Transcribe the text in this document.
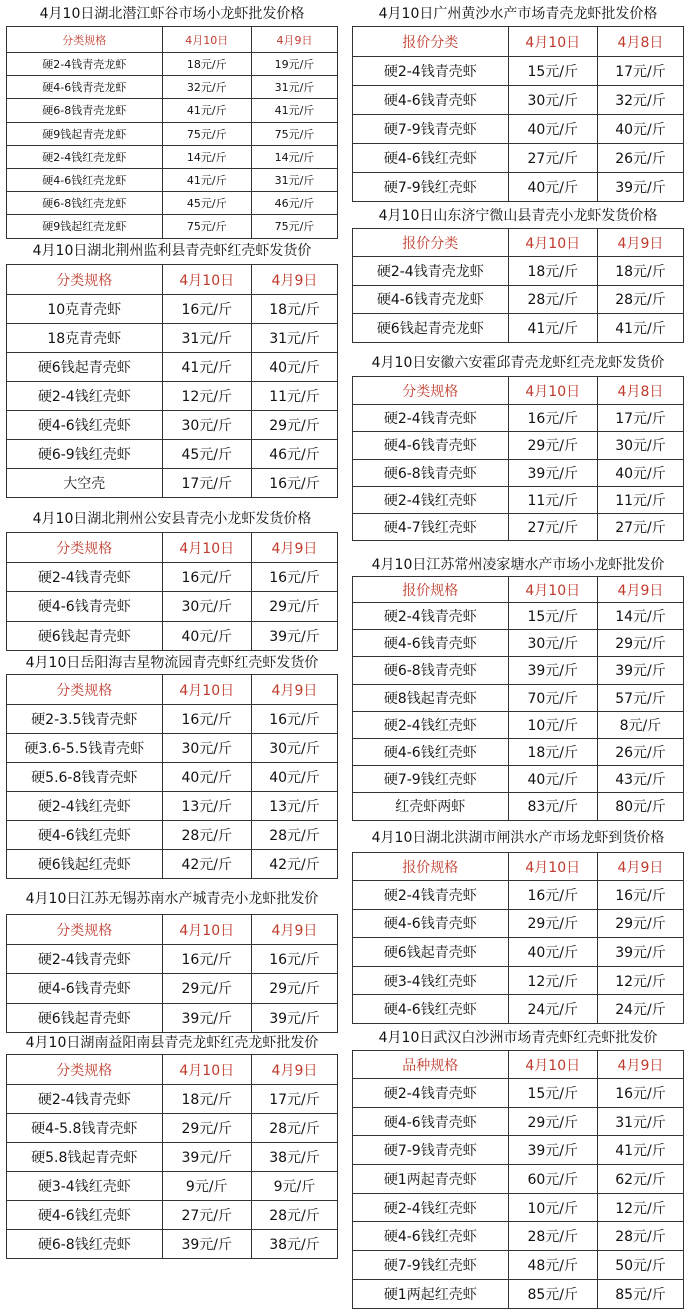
4月10日湖北潜江虾谷市场小龙虾批发价格
分类规格	4月10日	4月9日
硬2-4钱青壳龙虾	18元/斤	19元/斤
硬4-6钱青壳龙虾	32元/斤	31元/斤
硬6-8钱青壳龙虾	41元/斤	41元/斤
硬9钱起青壳龙虾	75元/斤	75元/斤
硬2-4钱红壳龙虾	14元/斤	14元/斤
硬4-6钱红壳龙虾	41元/斤	31元/斤
硬6-8钱红壳龙虾	45元/斤	46元/斤
硬9钱起红壳龙虾	75元/斤	75元/斤
4月10日湖北荆州监利县青壳虾红壳虾发货价
分类规格	4月10日	4月9日
10克青壳虾	16元/斤	18元/斤
18克青壳虾	31元/斤	31元/斤
硬6钱起青壳虾	41元/斤	40元/斤
硬2-4钱红壳虾	12元/斤	11元/斤
硬4-6钱红壳虾	30元/斤	29元/斤
硬6-9钱红壳虾	45元/斤	46元/斤
大空壳	17元/斤	16元/斤
4月10日湖北荆州公安县青壳小龙虾发货价格
分类规格	4月10日	4月9日
硬2-4钱青壳虾	16元/斤	16元/斤
硬4-6钱青壳虾	30元/斤	29元/斤
硬6钱起青壳虾	40元/斤	39元/斤
4月10日岳阳海吉星物流园青壳虾红壳虾发货价
分类规格	4月10日	4月9日
硬2-3.5钱青壳虾	16元/斤	16元/斤
硬3.6-5.5钱青壳虾	30元/斤	30元/斤
硬5.6-8钱青壳虾	40元/斤	40元/斤
硬2-4钱红壳虾	13元/斤	13元/斤
硬4-6钱红壳虾	28元/斤	28元/斤
硬6钱起红壳虾	42元/斤	42元/斤
4月10日江苏无锡苏南水产城青壳小龙虾批发价
分类规格	4月10日	4月9日
硬2-4钱青壳虾	16元/斤	16元/斤
硬4-6钱青壳虾	29元/斤	29元/斤
硬6钱起青壳虾	39元/斤	39元/斤
4月10日湖南益阳南县青壳龙虾红壳龙虾批发价
分类规格	4月10日	4月9日
硬2-4钱青壳虾	18元/斤	17元/斤
硬4-5.8钱青壳虾	29元/斤	28元/斤
硬5.8钱起青壳虾	39元/斤	38元/斤
硬3-4钱红壳虾	9元/斤	9元/斤
硬4-6钱红壳虾	27元/斤	28元/斤
硬6-8钱红壳虾	39元/斤	38元/斤
4月10日广州黄沙水产市场青壳龙虾批发价格
报价分类	4月10日	4月8日
硬2-4钱青壳虾	15元/斤	17元/斤
硬4-6钱青壳虾	30元/斤	32元/斤
硬7-9钱青壳虾	40元/斤	40元/斤
硬4-6钱红壳虾	27元/斤	26元/斤
硬7-9钱红壳虾	40元/斤	39元/斤
4月10日山东济宁微山县青壳小龙虾发货价格
报价分类	4月10日	4月9日
硬2-4钱青壳龙虾	18元/斤	18元/斤
硬4-6钱青壳龙虾	28元/斤	28元/斤
硬6钱起青壳龙虾	41元/斤	41元/斤
4月10日安徽六安霍邱青壳龙虾红壳龙虾发货价
分类规格	4月10日	4月8日
硬2-4钱青壳虾	16元/斤	17元/斤
硬4-6钱青壳虾	29元/斤	30元/斤
硬6-8钱青壳虾	39元/斤	40元/斤
硬2-4钱红壳虾	11元/斤	11元/斤
硬4-7钱红壳虾	27元/斤	27元/斤
4月10日江苏常州凌家塘水产市场小龙虾批发价
报价规格	4月10日	4月9日
硬2-4钱青壳虾	15元/斤	14元/斤
硬4-6钱青壳虾	30元/斤	29元/斤
硬6-8钱青壳虾	39元/斤	39元/斤
硬8钱起青壳虾	70元/斤	57元/斤
硬2-4钱红壳虾	10元/斤	8元/斤
硬4-6钱红壳虾	18元/斤	26元/斤
硬7-9钱红壳虾	40元/斤	43元/斤
红壳虾两虾	83元/斤	80元/斤
4月10日湖北洪湖市闸洪水产市场龙虾到货价格
报价规格	4月10日	4月9日
硬2-4钱青壳虾	16元/斤	16元/斤
硬4-6钱青壳虾	29元/斤	29元/斤
硬6钱起青壳虾	40元/斤	39元/斤
硬3-4钱红壳虾	12元/斤	12元/斤
硬4-6钱红壳虾	24元/斤	24元/斤
4月10日武汉白沙洲市场青壳虾红壳虾批发价
品种规格	4月10日	4月9日
硬2-4钱青壳虾	15元/斤	16元/斤
硬4-6钱青壳虾	29元/斤	31元/斤
硬7-9钱青壳虾	39元/斤	41元/斤
硬1两起青壳虾	60元/斤	62元/斤
硬2-4钱红壳虾	10元/斤	12元/斤
硬4-6钱红壳虾	28元/斤	28元/斤
硬7-9钱红壳虾	48元/斤	50元/斤
硬1两起红壳虾	85元/斤	85元/斤
